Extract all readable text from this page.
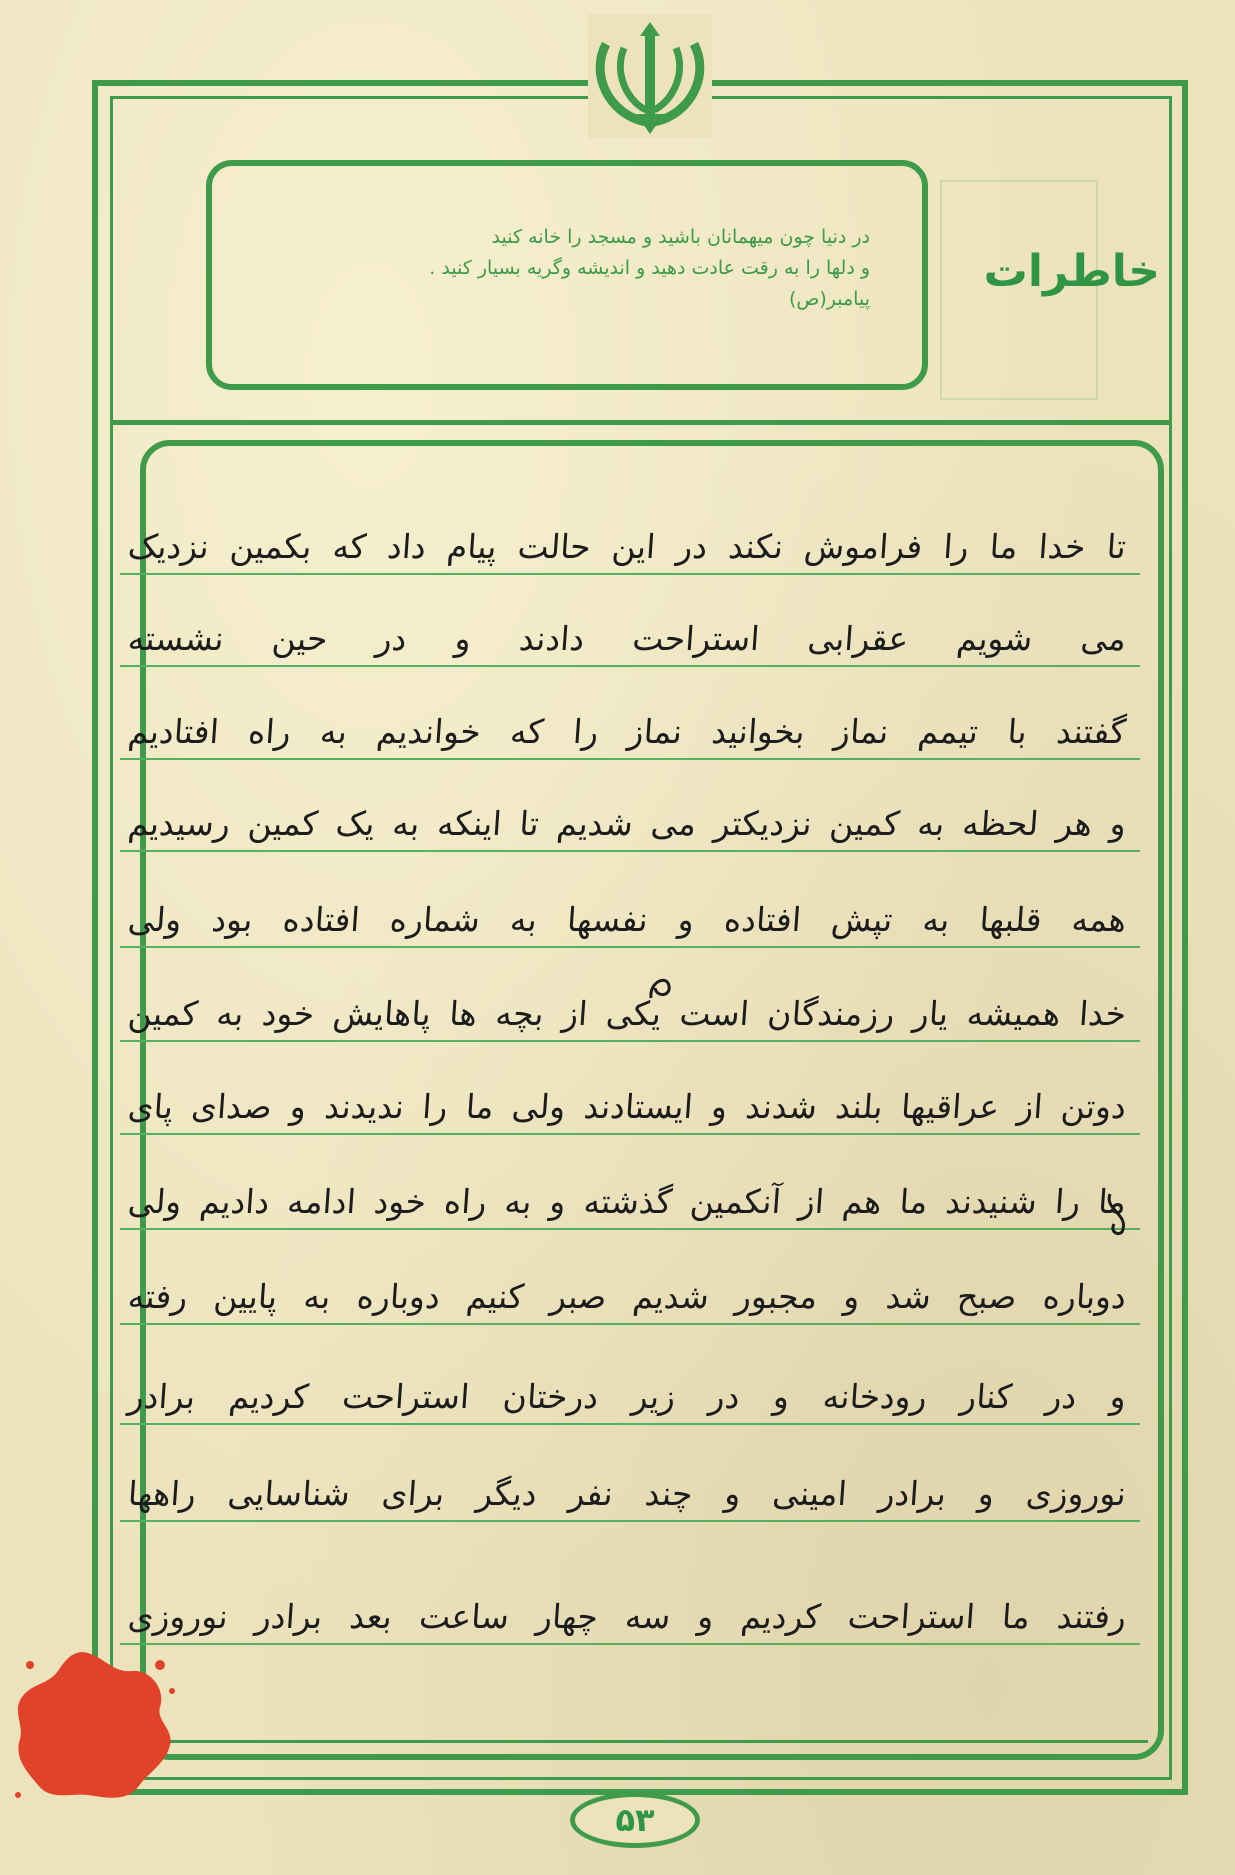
در دنیا چون میهمانان باشید و مسجد را خانه کنید
و دلها را به رقت عادت دهید و اندیشه وگریه بسیار کنید .
پیامبر(ص)
خاطرات
تا خدا ما را فراموش نکند در این حالت پیام داد که بکمین نزدیک
می شویم عقرابی استراحت دادند و در حین نشسته
گفتند با تیمم نماز بخوانید نماز را که خواندیم به راه افتادیم
و هر لحظه به کمین نزدیکتر می شدیم تا اینکه به یک کمین رسیدیم
همه قلبها به تپش افتاده و نفسها به شماره افتاده بود ولی
خدا همیشه یار رزمندگان است یکی از بچه ها پاهایش خود به کمین
دوتن از عراقیها بلند شدند و ایستادند ولی ما را ندیدند و صدای پای
ما را شنیدند ما هم از آنکمین گذشته و به راه خود ادامه دادیم ولی
دوباره صبح شد و مجبور شدیم صبر کنیم دوباره به پایین رفته
و در کنار رودخانه و در زیر درختان استراحت کردیم برادر
نوروزی و برادر امینی و چند نفر دیگر برای شناسایی راهها
رفتند ما استراحت کردیم و سه چهار ساعت بعد برادر نوروزی
۵۳
